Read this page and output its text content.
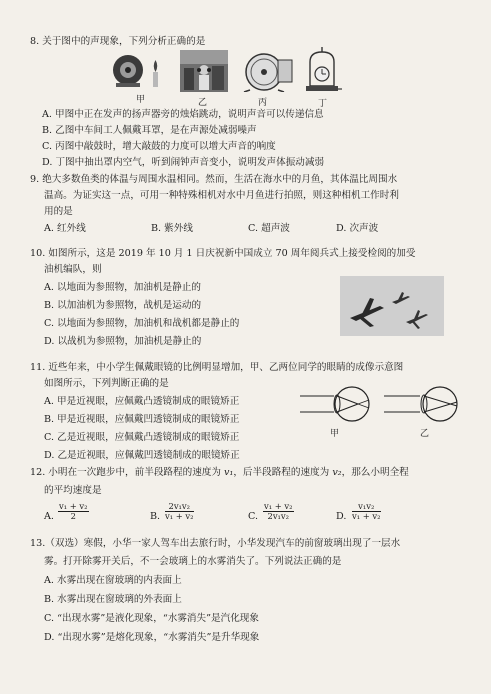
8. 关于图中的声现象，下列分析正确的是
甲	乙	丙	丁
A. 甲图中正在发声的扬声器旁的烛焰跳动，说明声音可以传递信息
B. 乙图中车间工人佩戴耳罩，是在声源处减弱噪声
C. 丙图中敲鼓时，增大敲鼓的力度可以增大声音的响度
D. 丁图中抽出罩内空气，听到闹钟声音变小，说明发声体振动减弱
9. 绝大多数鱼类的体温与周围水温相同。然而，生活在海水中的月鱼，其体温比周围水
温高。为证实这一点，可用一种特殊相机对水中月鱼进行拍照，则这种相机工作时利
用的是
A. 红外线	B. 紫外线	C. 超声波	D. 次声波
10. 如图所示，这是 2019 年 10 月 1 日庆祝新中国成立 70 周年阅兵式上接受检阅的加受
油机编队，则
A. 以地面为参照物，加油机是静止的
B. 以加油机为参照物，战机是运动的
C. 以地面为参照物，加油机和战机都是静止的
D. 以战机为参照物，加油机是静止的
11. 近些年来，中小学生佩戴眼镜的比例明显增加，甲、乙两位同学的眼睛的成像示意图
如图所示，下列判断正确的是
A. 甲是近视眼，应佩戴凸透镜制成的眼镜矫正
B. 甲是近视眼，应佩戴凹透镜制成的眼镜矫正
C. 乙是近视眼，应佩戴凸透镜制成的眼镜矫正
D. 乙是近视眼，应佩戴凹透镜制成的眼镜矫正
甲	乙
12. 小明在一次跑步中，前半段路程的速度为 v₁，后半段路程的速度为 v₂，那么小明全程
的平均速度是
A. $\frac{\text{v₁ + v₂}}{2}$	B. $\frac{\text{2v₁v₂}}{\text{v₁ + v₂}}$	C. $\frac{\text{v₁ + v₂}}{\text{2v₁v₂}}$	D. $\frac{\text{v₁v₂}}{\text{v₁ + v₂}}$
13.（双选）寒假，小华一家人驾车出去旅行时，小华发现汽车的前窗玻璃出现了一层水
雾。打开除雾开关后，不一会玻璃上的水雾消失了。下列说法正确的是
A. 水雾出现在窗玻璃的内表面上
B. 水雾出现在窗玻璃的外表面上
C. “出现水雾”是液化现象，“水雾消失”是汽化现象
D. “出现水雾”是熔化现象，“水雾消失”是升华现象
